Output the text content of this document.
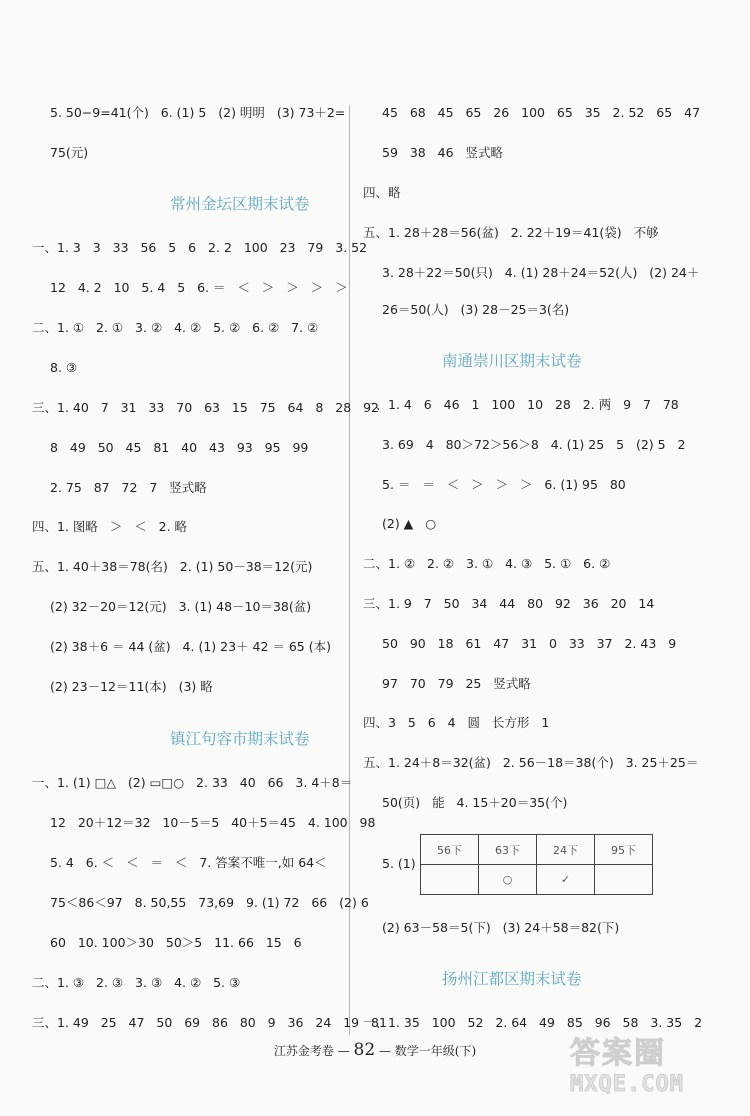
5. 50−9=41(个)   6. (1) 5   (2) 明明   (3) 73＋2=
75(元)
常州金坛区期末试卷
一、1. 3   3   33   56   5   6   2. 2   100   23   79   3. 52
12   4. 2   10   5. 4   5   6. ＝   ＜   ＞   ＞   ＞   ＞
二、1. ①   2. ①   3. ②   4. ②   5. ②   6. ②   7. ②
8. ③
三、1. 40   7   31   33   70   63   15   75   64   8   28   92
8   49   50   45   81   40   43   93   95   99
2. 75   87   72   7   竖式略
四、1. 图略   ＞   ＜   2. 略
五、1. 40＋38＝78(名)   2. (1) 50－38＝12(元)
(2) 32－20＝12(元)   3. (1) 48－10＝38(盆)
(2) 38＋6 ＝ 44 (盆)   4. (1) 23＋ 42 ＝ 65 (本)
(2) 23－12＝11(本)   (3) 略
镇江句容市期末试卷
一、1. (1) □△   (2) ▭□○   2. 33   40   66   3. 4＋8＝
12   20＋12＝32   10－5＝5   40＋5＝45   4. 100   98
5. 4   6. ＜   ＜   ＝   ＜   7. 答案不唯一,如 64＜
75＜86＜97   8. 50,55   73,69   9. (1) 72   66   (2) 6
60   10. 100＞30   50＞5   11. 66   15   6
二、1. ③   2. ③   3. ③   4. ②   5. ③
三、1. 49   25   47   50   69   86   80   9   36   24   19   81
45   68   45   65   26   100   65   35   2. 52   65   47
59   38   46   竖式略
四、略
五、1. 28＋28＝56(盆)   2. 22＋19＝41(袋)   不够
3. 28＋22＝50(只)   4. (1) 28＋24＝52(人)   (2) 24＋
26＝50(人)   (3) 28－25＝3(名)
南通崇川区期末试卷
一、1. 4   6   46   1   100   10   28   2. 两   9   7   78
3. 69   4   80＞72＞56＞8   4. (1) 25   5   (2) 5   2
5. ＝   ＝   ＜   ＞   ＞   ＞   6. (1) 95   80
(2) ▲   ○
二、1. ②   2. ②   3. ①   4. ③   5. ①   6. ②
三、1. 9   7   50   34   44   80   92   36   20   14
50   90   18   61   47   31   0   33   37   2. 43   9
97   70   79   25   竖式略
四、3   5   6   4   圆   长方形   1
五、1. 24＋8＝32(盆)   2. 56－18＝38(个)   3. 25＋25＝
50(页)   能   4. 15＋20＝35(个)
5. (1)
56下	63下	24下	95下
	○	✓	
(2) 63－58＝5(下)   (3) 24＋58＝82(下)
扬州江都区期末试卷
一、1. 35   100   52   2. 64   49   85   96   58   3. 35   2
江苏金考卷 — 82 — 数学一年级(下)	答案圈
MXQE.COM
